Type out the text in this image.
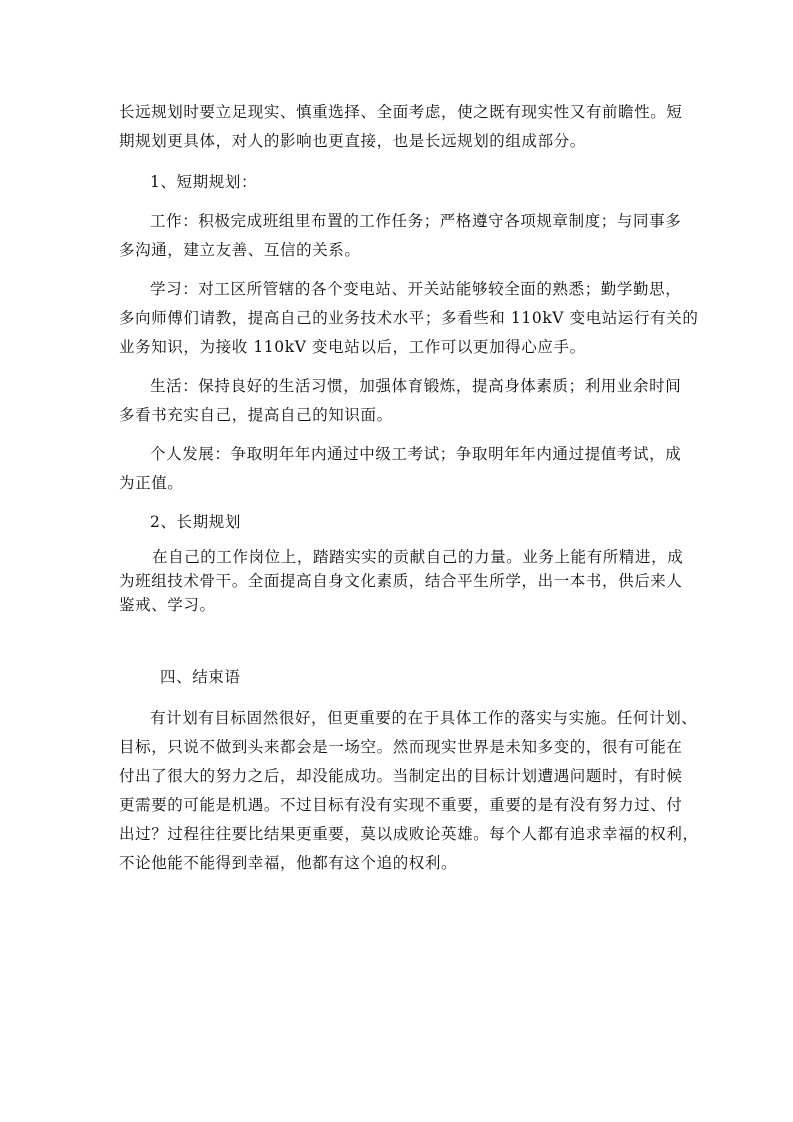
长远规划时要立足现实、慎重选择、全面考虑，使之既有现实性又有前瞻性。短
期规划更具体，对人的影响也更直接，也是长远规划的组成部分。
1、短期规划：
工作：积极完成班组里布置的工作任务；严格遵守各项规章制度；与同事多
多沟通，建立友善、互信的关系。
学习：对工区所管辖的各个变电站、开关站能够较全面的熟悉；勤学勤思，
多向师傅们请教，提高自己的业务技术水平；多看些和 110kV 变电站运行有关的
业务知识，为接收 110kV 变电站以后，工作可以更加得心应手。
生活：保持良好的生活习惯，加强体育锻炼，提高身体素质；利用业余时间
多看书充实自己，提高自己的知识面。
个人发展：争取明年年内通过中级工考试；争取明年年内通过提值考试，成
为正值。
2、长期规划
在自己的工作岗位上，踏踏实实的贡献自己的力量。业务上能有所精进，成
为班组技术骨干。全面提高自身文化素质，结合平生所学，出一本书，供后来人
鉴戒、学习。
四、结束语
有计划有目标固然很好，但更重要的在于具体工作的落实与实施。任何计划、
目标，只说不做到头来都会是一场空。然而现实世界是未知多变的，很有可能在
付出了很大的努力之后，却没能成功。当制定出的目标计划遭遇问题时，有时候
更需要的可能是机遇。不过目标有没有实现不重要，重要的是有没有努力过、付
出过？过程往往要比结果更重要，莫以成败论英雄。每个人都有追求幸福的权利，
不论他能不能得到幸福，他都有这个追的权利。
